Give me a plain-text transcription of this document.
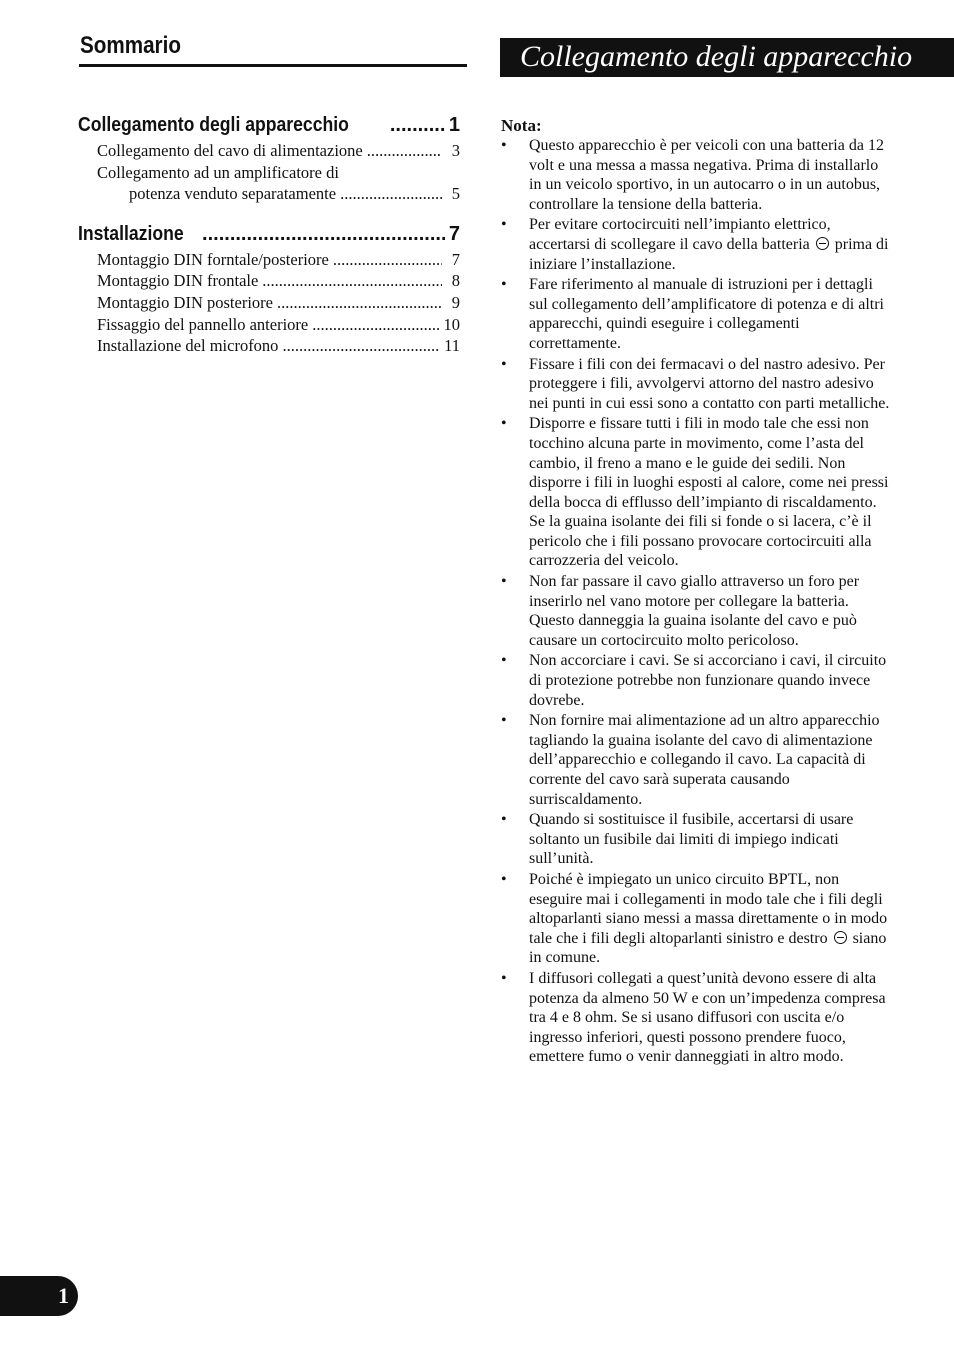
Sommario	Collegamento degli apparecchio
Collegamento degli apparecchio .....	1
Collegamento del cavo di alimentazione .....	3
Collegamento ad un amplificatore di
potenza venduto separatamente .....	5
Installazione .....	7
Montaggio DIN forntale/posteriore .....	7
Montaggio DIN frontale .....	8
Montaggio DIN posteriore .....	9
Fissaggio del pannello anteriore .....	10
Installazione del microfono .....	11
Nota:
• Questo apparecchio è per veicoli con una batteria da 12 volt e una messa a massa negativa. Prima di installarlo in un veicolo sportivo, in un autocarro o in un autobus, controllare la tensione della batteria.
• Per evitare cortocircuiti nell’impianto elettrico, accertarsi di scollegare il cavo della batteria prima di iniziare l’installazione.
• Fare riferimento al manuale di istruzioni per i dettagli sul collegamento dell’amplificatore di potenza e di altri apparecchi, quindi eseguire i collegamenti correttamente.
• Fissare i fili con dei fermacavi o del nastro adesivo. Per proteggere i fili, avvolgervi attorno del nastro adesivo nei punti in cui essi sono a contatto con parti metalliche.
• Disporre e fissare tutti i fili in modo tale che essi non tocchino alcuna parte in movimento, come l’asta del cambio, il freno a mano e le guide dei sedili. Non disporre i fili in luoghi esposti al calore, come nei pressi della bocca di efflusso dell’impianto di riscaldamento. Se la guaina isolante dei fili si fonde o si lacera, c’è il pericolo che i fili possano provocare cortocircuiti alla carrozzeria del veicolo.
• Non far passare il cavo giallo attraverso un foro per inserirlo nel vano motore per collegare la batteria. Questo danneggia la guaina isolante del cavo e può causare un cortocircuito molto pericoloso.
• Non accorciare i cavi. Se si accorciano i cavi, il circuito di protezione potrebbe non funzionare quando invece dovrebe.
• Non fornire mai alimentazione ad un altro apparecchio tagliando la guaina isolante del cavo di alimentazione dell’apparecchio e collegando il cavo. La capacità di corrente del cavo sarà superata causando surriscaldamento.
• Quando si sostituisce il fusibile, accertarsi di usare soltanto un fusibile dai limiti di impiego indicati sull’unità.
• Poiché è impiegato un unico circuito BPTL, non eseguire mai i collegamenti in modo tale che i fili degli altoparlanti siano messi a massa direttamente o in modo tale che i fili degli altoparlanti sinistro e destro siano in comune.
• I diffusori collegati a quest’unità devono essere di alta potenza da almeno 50 W e con un’impedenza compresa tra 4 e 8 ohm. Se si usano diffusori con uscita e/o ingresso inferiori, questi possono prendere fuoco, emettere fumo o venir danneggiati in altro modo.
1
